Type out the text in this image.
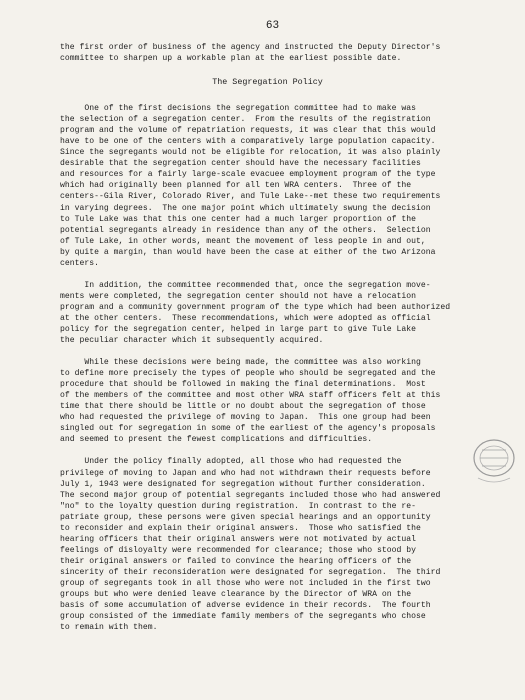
63
the first order of business of the agency and instructed the Deputy Director's
committee to sharpen up a workable plan at the earliest possible date.
The Segregation Policy
One of the first decisions the segregation committee had to make was
the selection of a segregation center.  From the results of the registration
program and the volume of repatriation requests, it was clear that this would
have to be one of the centers with a comparatively large population capacity.
Since the segregants would not be eligible for relocation, it was also plainly
desirable that the segregation center should have the necessary facilities
and resources for a fairly large-scale evacuee employment program of the type
which had originally been planned for all ten WRA centers.  Three of the
centers--Gila River, Colorado River, and Tule Lake--met these two requirements
in varying degrees.  The one major point which ultimately swung the decision
to Tule Lake was that this one center had a much larger proportion of the
potential segregants already in residence than any of the others.  Selection
of Tule Lake, in other words, meant the movement of less people in and out,
by quite a margin, than would have been the case at either of the two Arizona
centers.
In addition, the committee recommended that, once the segregation move-
ments were completed, the segregation center should not have a relocation
program and a community government program of the type which had been authorized
at the other centers.  These recommendations, which were adopted as official
policy for the segregation center, helped in large part to give Tule Lake
the peculiar character which it subsequently acquired.
While these decisions were being made, the committee was also working
to define more precisely the types of people who should be segregated and the
procedure that should be followed in making the final determinations.  Most
of the members of the committee and most other WRA staff officers felt at this
time that there should be little or no doubt about the segregation of those
who had requested the privilege of moving to Japan.  This one group had been
singled out for segregation in some of the earliest of the agency's proposals
and seemed to present the fewest complications and difficulties.
Under the policy finally adopted, all those who had requested the
privilege of moving to Japan and who had not withdrawn their requests before
July 1, 1943 were designated for segregation without further consideration.
The second major group of potential segregants included those who had answered
"no" to the loyalty question during registration.  In contrast to the re-
patriate group, these persons were given special hearings and an opportunity
to reconsider and explain their original answers.  Those who satisfied the
hearing officers that their original answers were not motivated by actual
feelings of disloyalty were recommended for clearance; those who stood by
their original answers or failed to convince the hearing officers of the
sincerity of their reconsideration were designated for segregation.  The third
group of segregants took in all those who were not included in the first two
groups but who were denied leave clearance by the Director of WRA on the
basis of some accumulation of adverse evidence in their records.  The fourth
group consisted of the immediate family members of the segregants who chose
to remain with them.
